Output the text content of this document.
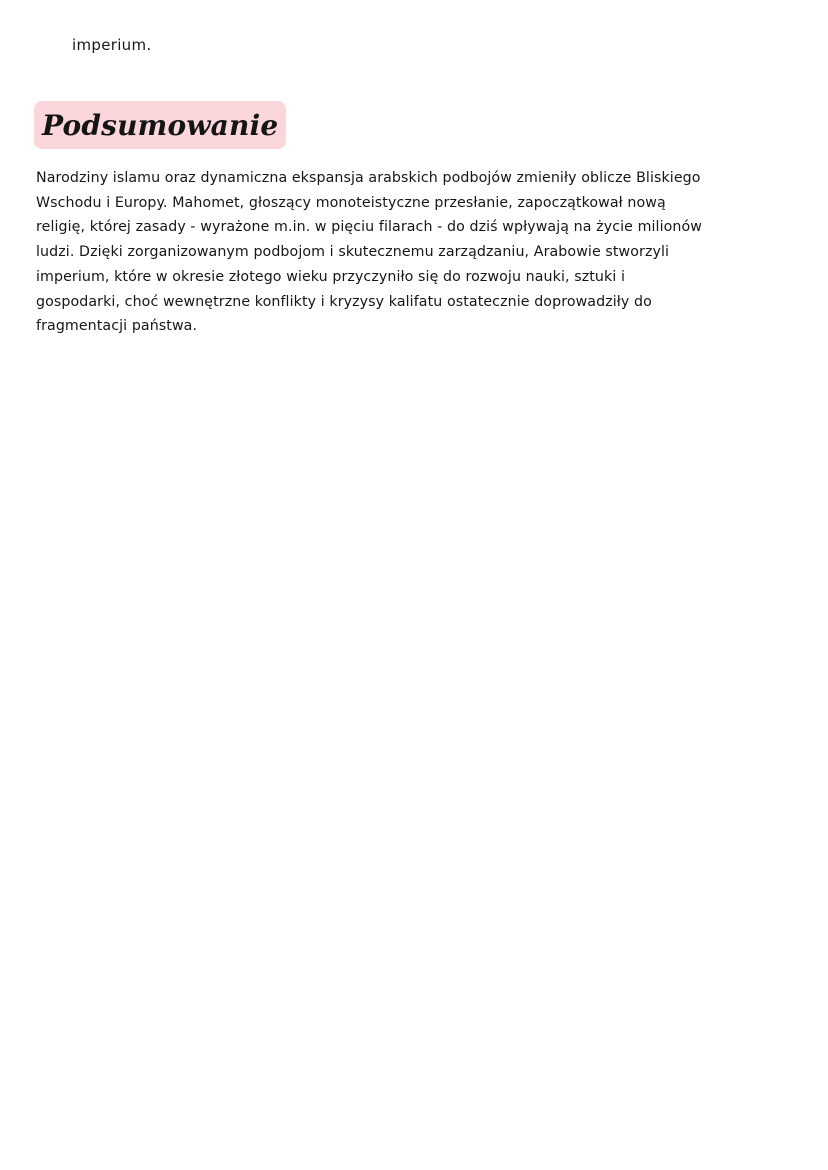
imperium.
Podsumowanie
Narodziny islamu oraz dynamiczna ekspansja arabskich podbojów zmieniły oblicze Bliskiego
Wschodu i Europy. Mahomet, głoszący monoteistyczne przesłanie, zapoczątkował nową
religię, której zasady - wyrażone m.in. w pięciu filarach - do dziś wpływają na życie milionów
ludzi. Dzięki zorganizowanym podbojom i skutecznemu zarządzaniu, Arabowie stworzyli
imperium, które w okresie złotego wieku przyczyniło się do rozwoju nauki, sztuki i
gospodarki, choć wewnętrzne konflikty i kryzysy kalifatu ostatecznie doprowadziły do
fragmentacji państwa.
